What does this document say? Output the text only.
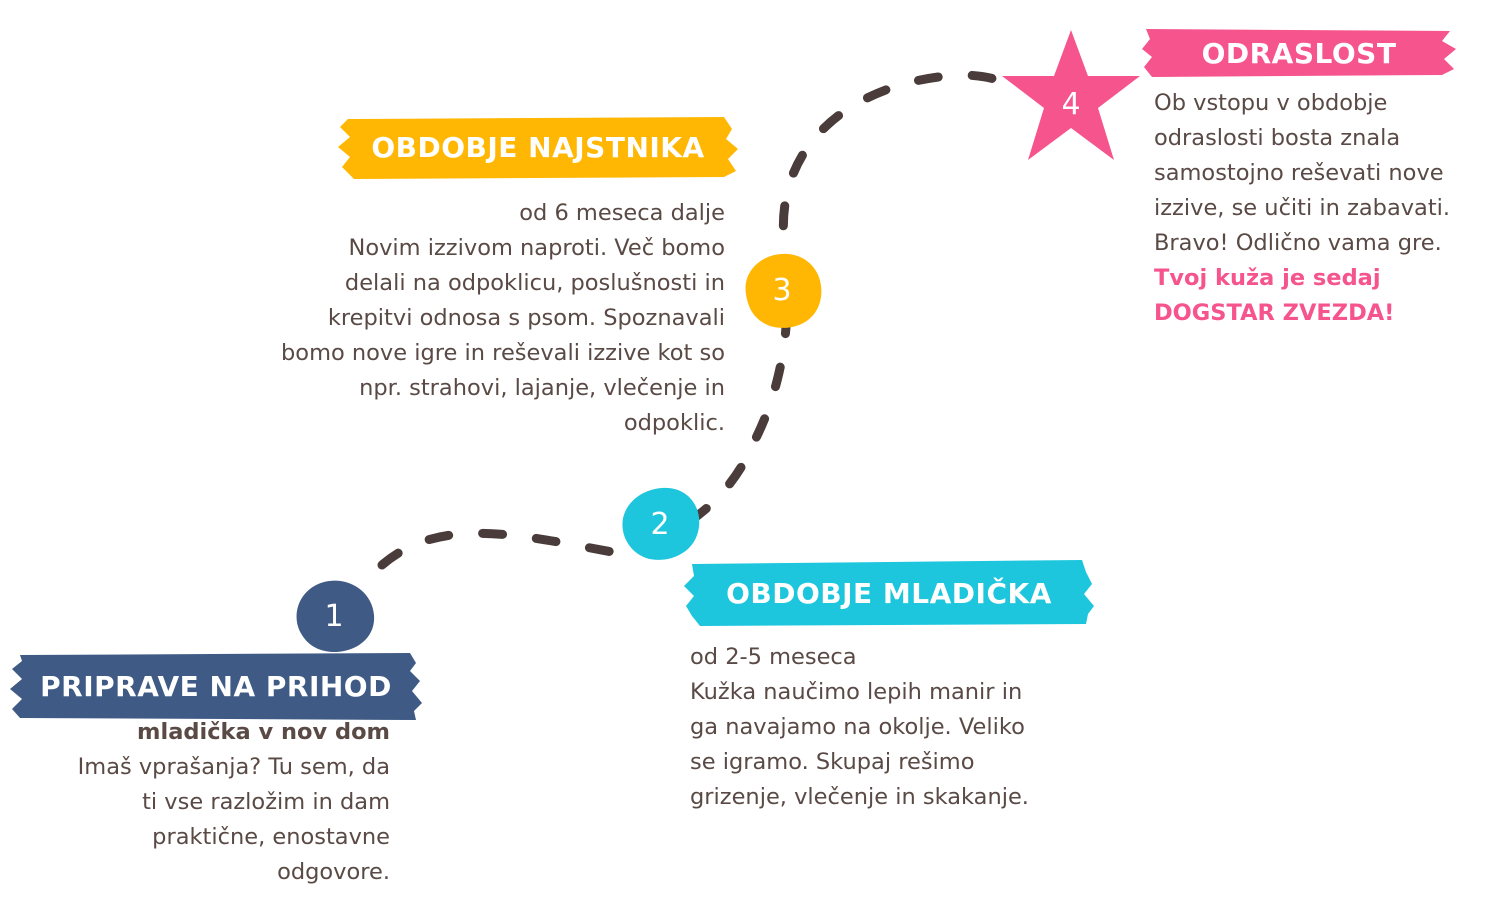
1
PRIPRAVE NA PRIHOD
mladička v nov dom
Imaš vprašanja? Tu sem, da
ti vse razložim in dam
praktične, enostavne
odgovore.
2
OBDOBJE MLADIČKA
od 2-5 meseca
Kužka naučimo lepih manir in
ga navajamo na okolje. Veliko
se igramo. Skupaj rešimo
grizenje, vlečenje in skakanje.
3
OBDOBJE NAJSTNIKA
od 6 meseca dalje
Novim izzivom naproti. Več bomo
delali na odpoklicu, poslušnosti in
krepitvi odnosa s psom. Spoznavali
bomo nove igre in reševali izzive kot so
npr. strahovi, lajanje, vlečenje in
odpoklic.
4
ODRASLOST
Ob vstopu v obdobje
odraslosti bosta znala
samostojno reševati nove
izzive, se učiti in zabavati.
Bravo! Odlično vama gre.
Tvoj kuža je sedaj
DOGSTAR ZVEZDA!
